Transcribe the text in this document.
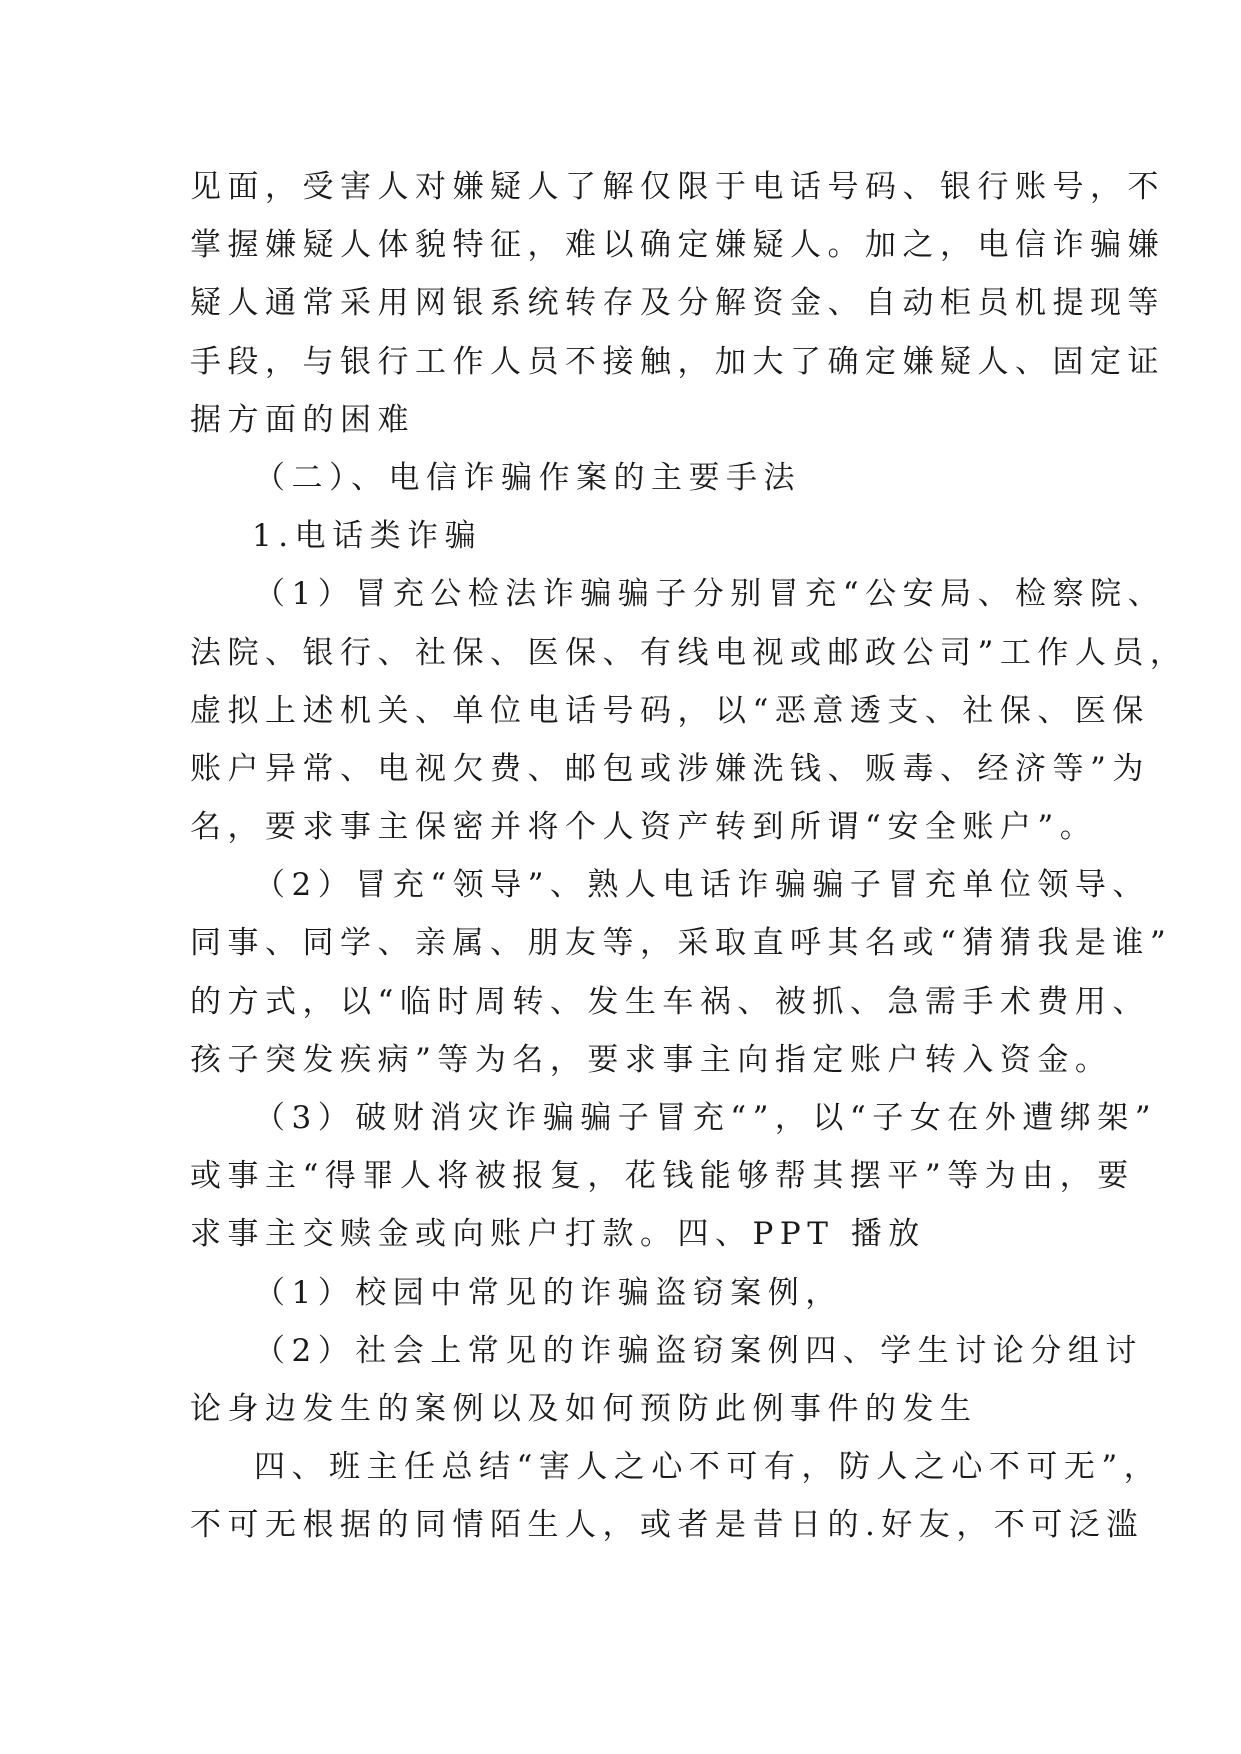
见面，受害人对嫌疑人了解仅限于电话号码、银行账号，不
掌握嫌疑人体貌特征，难以确定嫌疑人。加之，电信诈骗嫌
疑人通常采用网银系统转存及分解资金、自动柜员机提现等
手段，与银行工作人员不接触，加大了确定嫌疑人、固定证
据方面的困难
（二）、电信诈骗作案的主要手法
1.电话类诈骗
（1）冒充公检法诈骗骗子分别冒充“公安局、检察院、
法院、银行、社保、医保、有线电视或邮政公司”工作人员，
虚拟上述机关、单位电话号码，以“恶意透支、社保、医保
账户异常、电视欠费、邮包或涉嫌洗钱、贩毒、经济等”为
名，要求事主保密并将个人资产转到所谓“安全账户”。
（2）冒充“领导”、熟人电话诈骗骗子冒充单位领导、
同事、同学、亲属、朋友等，采取直呼其名或“猜猜我是谁”
的方式，以“临时周转、发生车祸、被抓、急需手术费用、
孩子突发疾病”等为名，要求事主向指定账户转入资金。
（3）破财消灾诈骗骗子冒充“”，以“子女在外遭绑架”
或事主“得罪人将被报复，花钱能够帮其摆平”等为由，要
求事主交赎金或向账户打款。四、PPT 播放
（1）校园中常见的诈骗盗窃案例，
（2）社会上常见的诈骗盗窃案例四、学生讨论分组讨
论身边发生的案例以及如何预防此例事件的发生
四、班主任总结“害人之心不可有，防人之心不可无”，
不可无根据的同情陌生人，或者是昔日的.好友，不可泛滥
